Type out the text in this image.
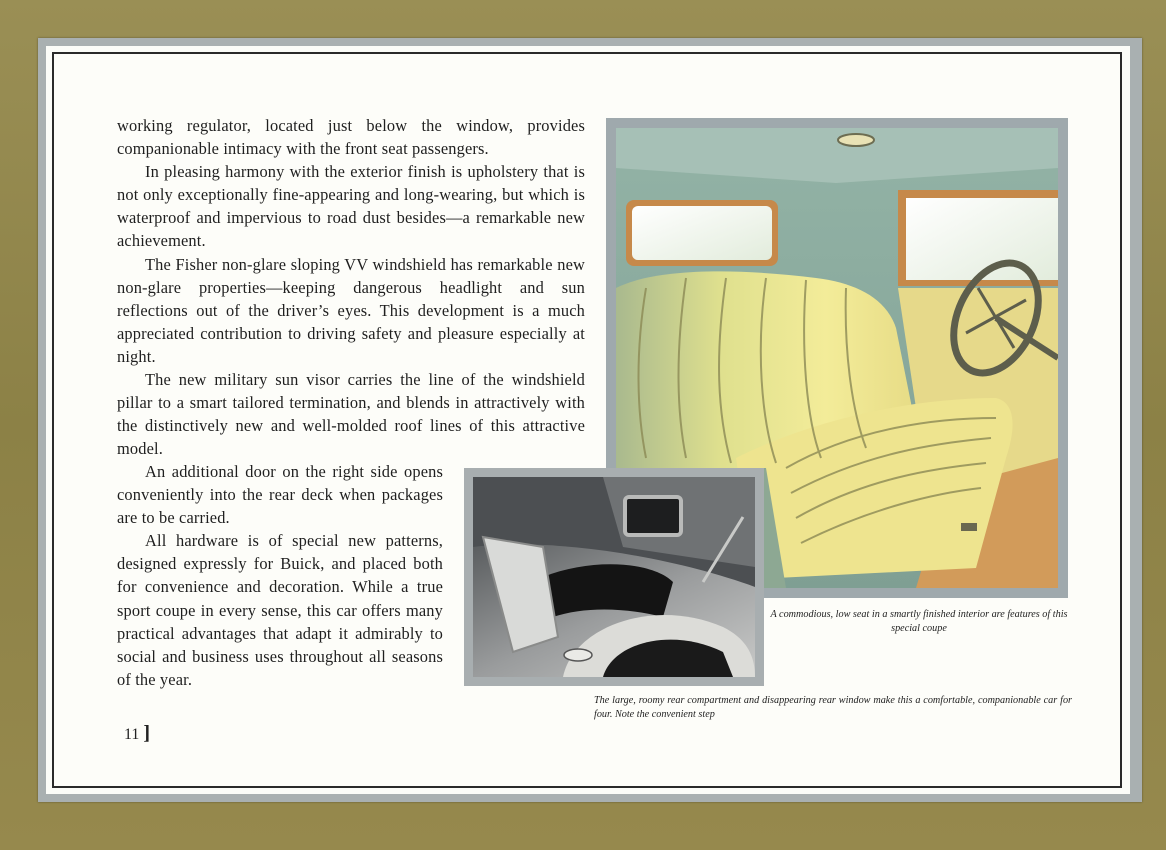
working regulator, located just below the window, provides companionable intimacy with the front seat passengers.

In pleasing harmony with the exterior finish is upholstery that is not only exceptionally fine-appearing and long-wearing, but which is waterproof and impervious to road dust besides—a remarkable new achievement.

The Fisher non-glare sloping VV windshield has remarkable new non-glare properties—keeping dangerous headlight and sun reflections out of the driver’s eyes. This development is a much appreciated contribution to driving safety and pleasure especially at night.

The new military sun visor carries the line of the windshield pillar to a smart tailored termination, and blends in attractively with the distinctively new and well-molded roof lines of this attractive model.

An additional door on the right side opens conveniently into the rear deck when packages are to be carried.

All hardware is of special new patterns, designed expressly for Buick, and placed both for convenience and decoration. While a true sport coupe in every sense, this car offers many practical advantages that adapt it admirably to social and business uses throughout all seasons of the year.

11 ]
A commodious, low seat in a smartly finished interior are features of this special coupe
The large, roomy rear compartment and disappearing rear window make this a comfortable, companionable car for four. Note the convenient step
